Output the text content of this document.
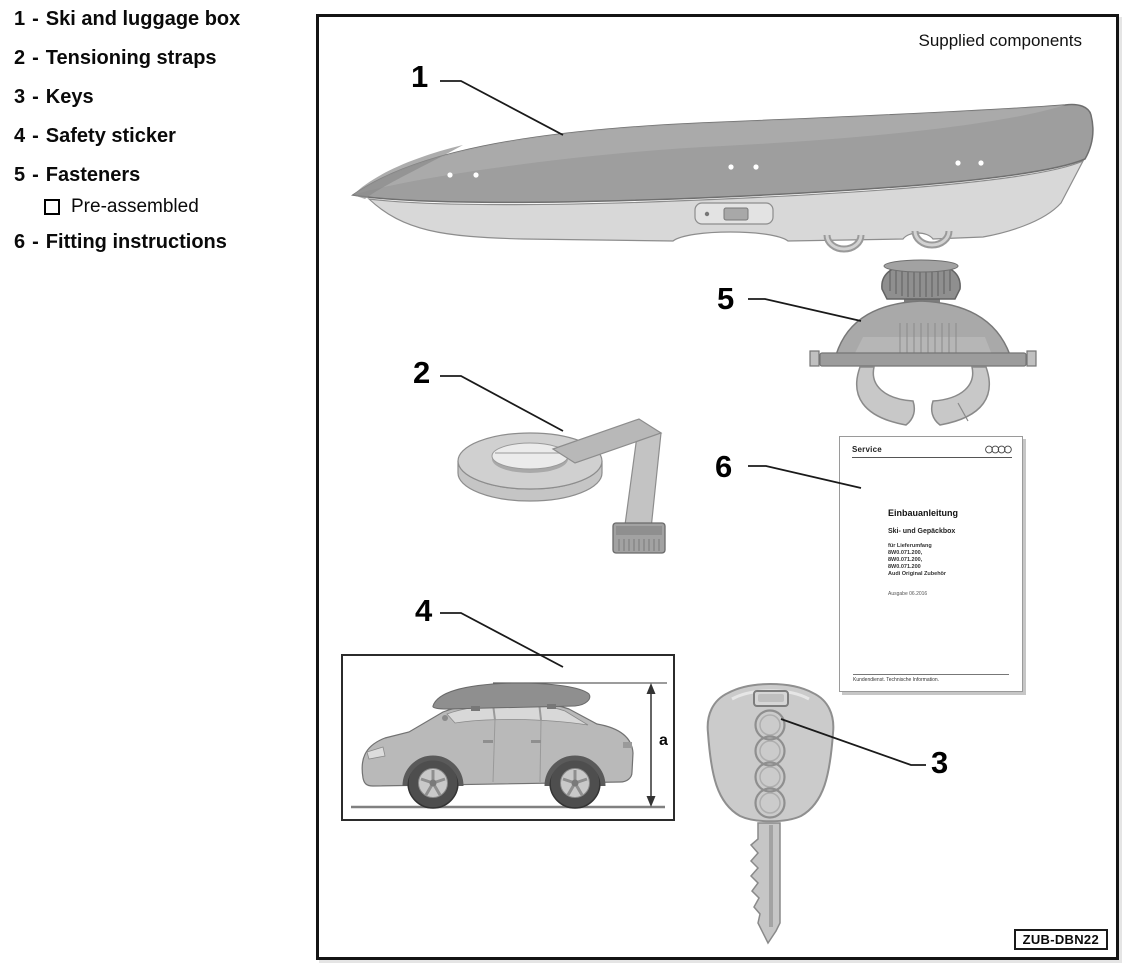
1 - Ski and luggage box
2 - Tensioning straps
3 - Keys
4 - Safety sticker
5 - Fasteners
Pre-assembled
6 - Fitting instructions
Supplied components
1
2
3
4
5
6	Service
Einbauanleitung
Ski- und Gepäckbox
für Lieferumfang
8W0.071.200,
8W0.071.200,
8W0.071.200
Audi Original Zubehör
Ausgabe 06.2016
Kundendienst. Technische Information.
a
ZUB-DBN22
